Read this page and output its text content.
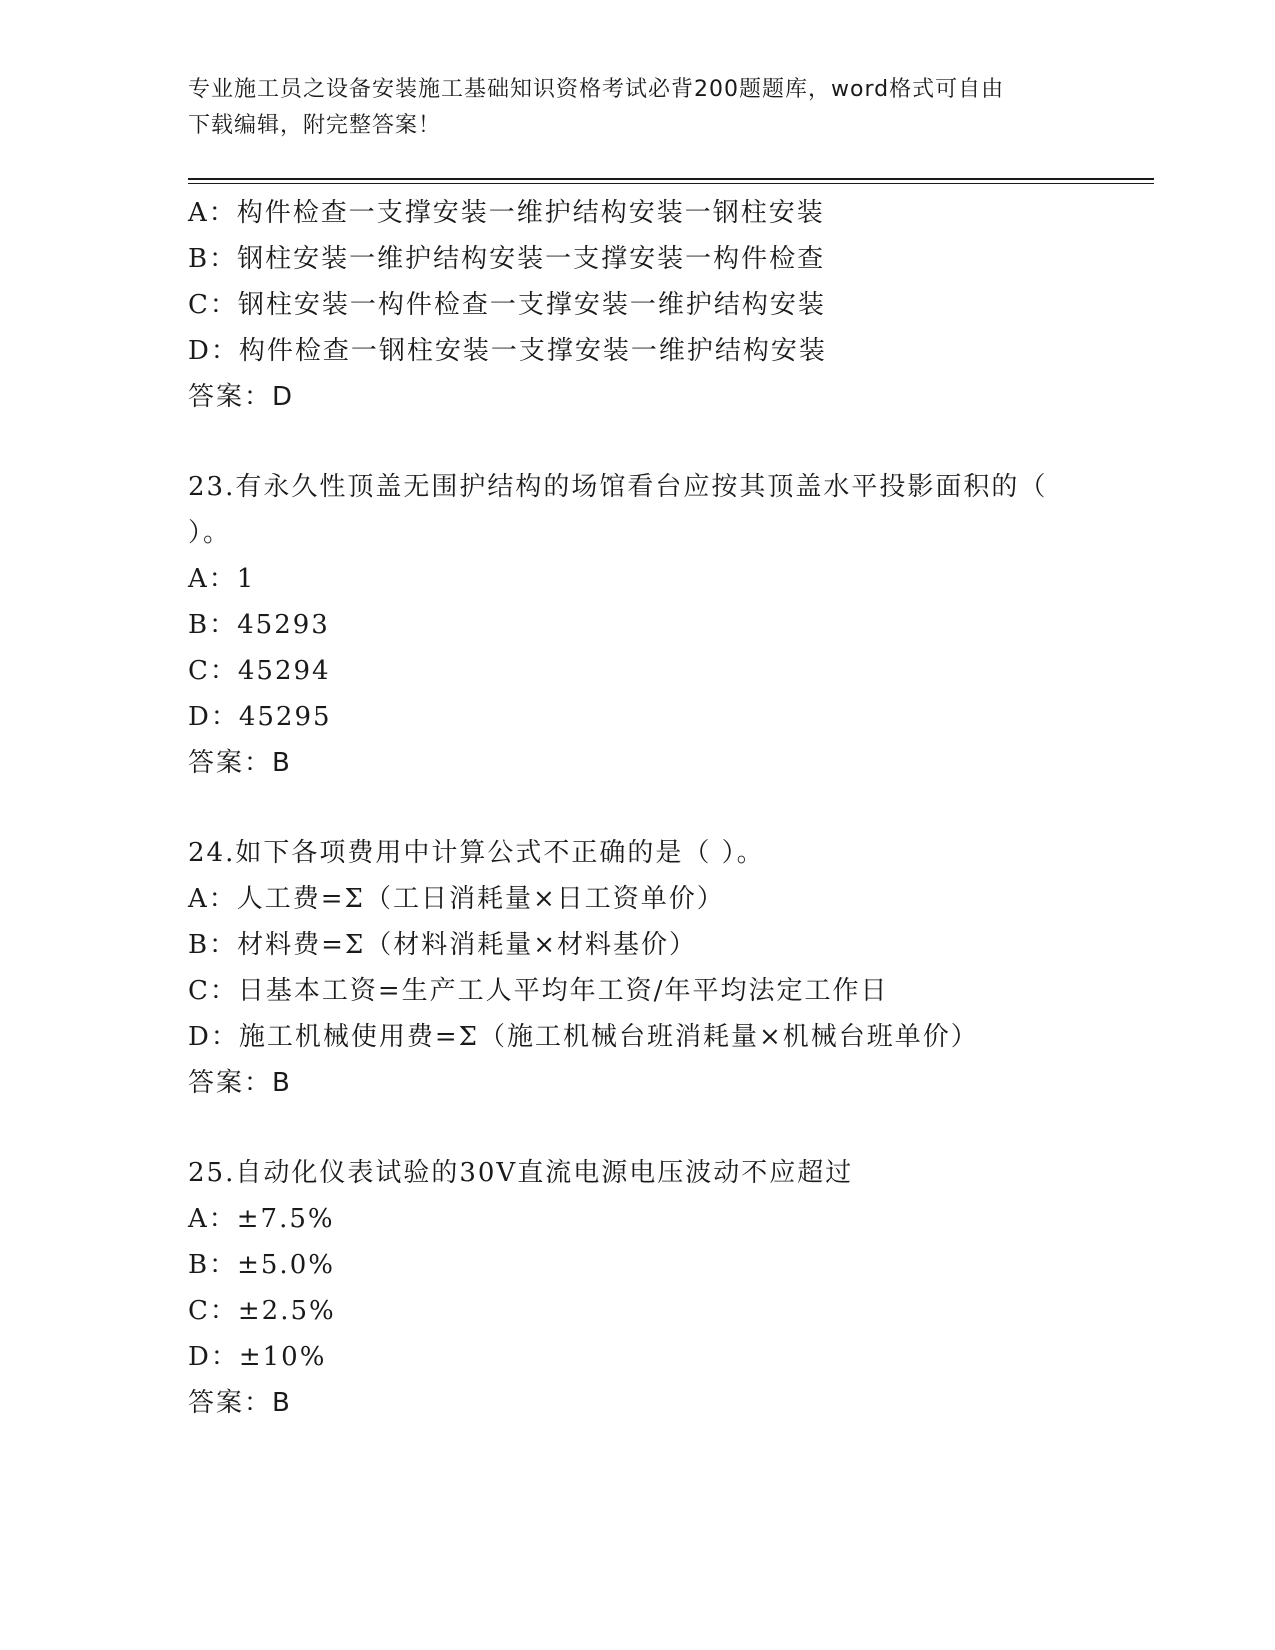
专业施工员之设备安装施工基础知识资格考试必背200题题库，word格式可自由
下载编辑，附完整答案！
A：构件检查一支撑安装一维护结构安装一钢柱安装
B：钢柱安装一维护结构安装一支撑安装一构件检查
C：钢柱安装一构件检查一支撑安装一维护结构安装
D：构件检查一钢柱安装一支撑安装一维护结构安装
答案：D
23.有永久性顶盖无围护结构的场馆看台应按其顶盖水平投影面积的（
）。
A：1
B：45293
C：45294
D：45295
答案：B
24.如下各项费用中计算公式不正确的是（ ）。
A：人工费=Σ（工日消耗量×日工资单价）
B：材料费=Σ（材料消耗量×材料基价）
C：日基本工资=生产工人平均年工资/年平均法定工作日
D：施工机械使用费=Σ（施工机械台班消耗量×机械台班单价）
答案：B
25.自动化仪表试验的30V直流电源电压波动不应超过
A：±7.5%
B：±5.0%
C：±2.5%
D：±10%
答案：B
